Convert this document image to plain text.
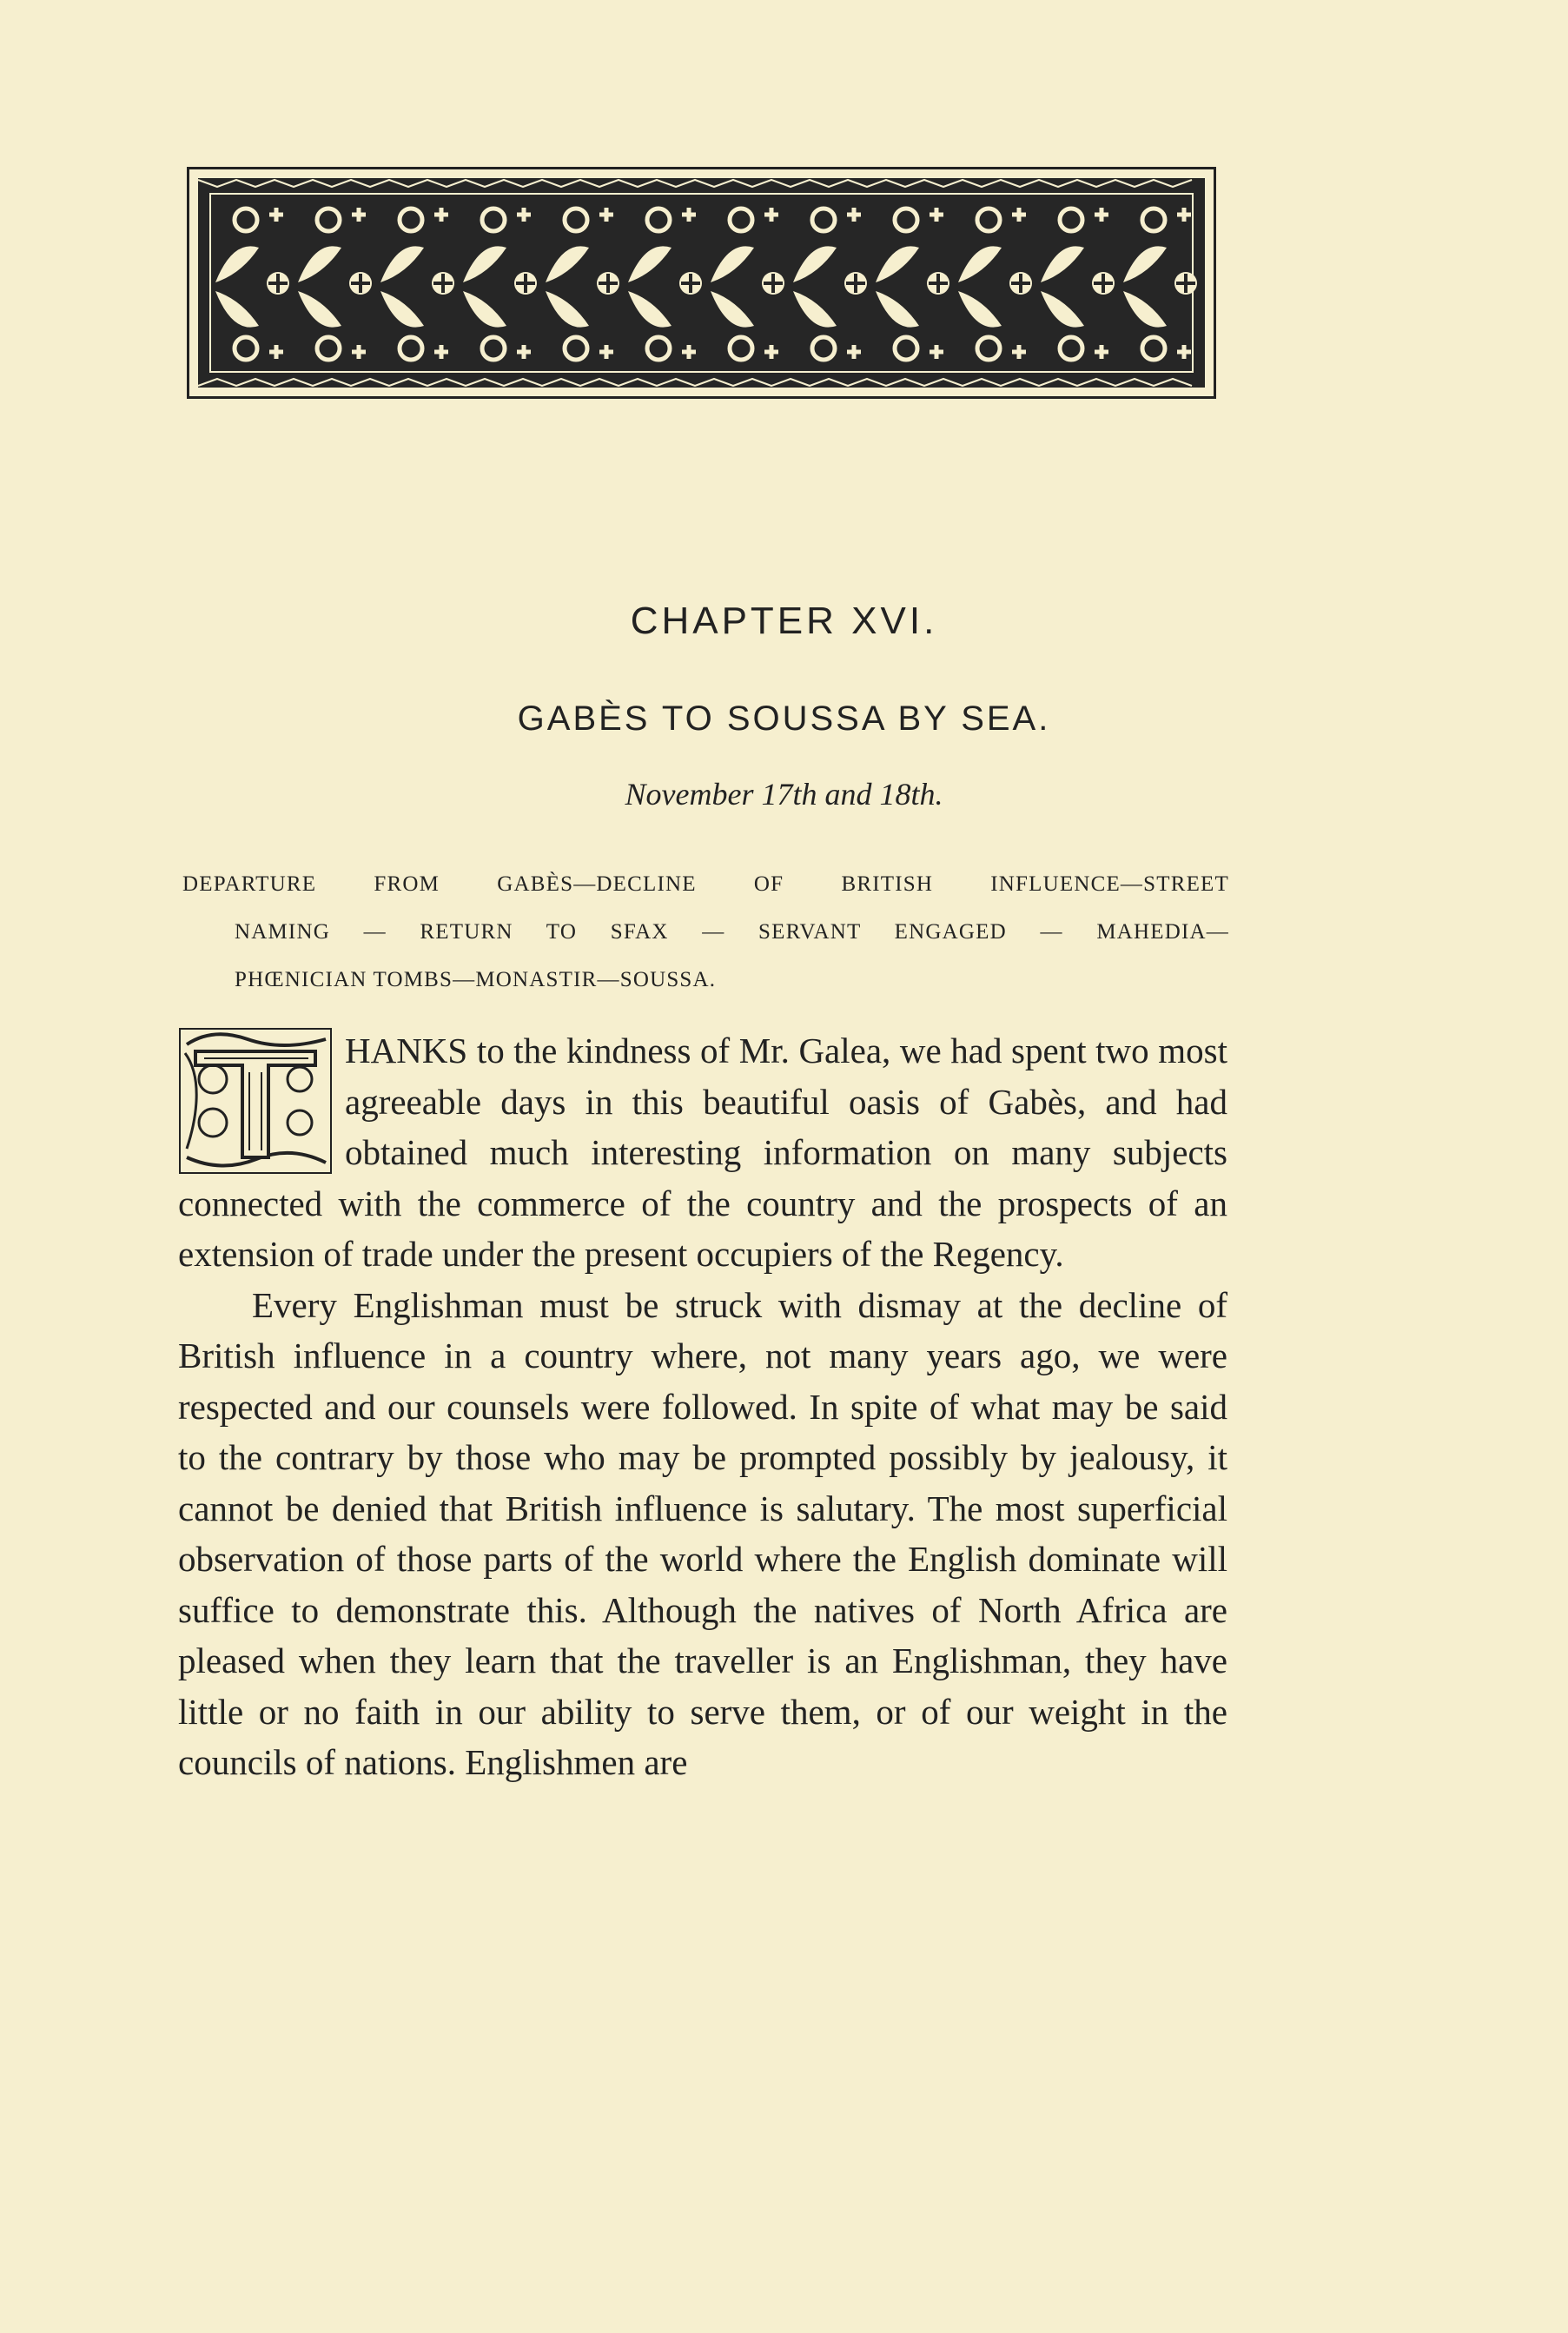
CHAPTER XVI.
GABÈS TO SOUSSA BY SEA.
November 17th and 18th.
DEPARTURE FROM GABÈS—DECLINE OF BRITISH INFLUENCE—STREET
NAMING — RETURN TO SFAX — SERVANT ENGAGED — MAHEDIA—
PHŒNICIAN TOMBS—MONASTIR—SOUSSA.

HANKS to the kindness of Mr. Galea, we had spent two most agreeable days in this beautiful oasis of Gabès, and had obtained much interesting information on many subjects connected with the commerce of the country and the prospects of an extension of trade under the present occupiers of the Regency.

Every Englishman must be struck with dismay at the decline of British influence in a country where, not many years ago, we were respected and our counsels were followed. In spite of what may be said to the contrary by those who may be prompted possibly by jealousy, it cannot be denied that British influence is salutary. The most superficial observation of those parts of the world where the English dominate will suffice to demonstrate this. Although the natives of North Africa are pleased when they learn that the traveller is an Englishman, they have little or no faith in our ability to serve them, or of our weight in the councils of nations. Englishmen are
